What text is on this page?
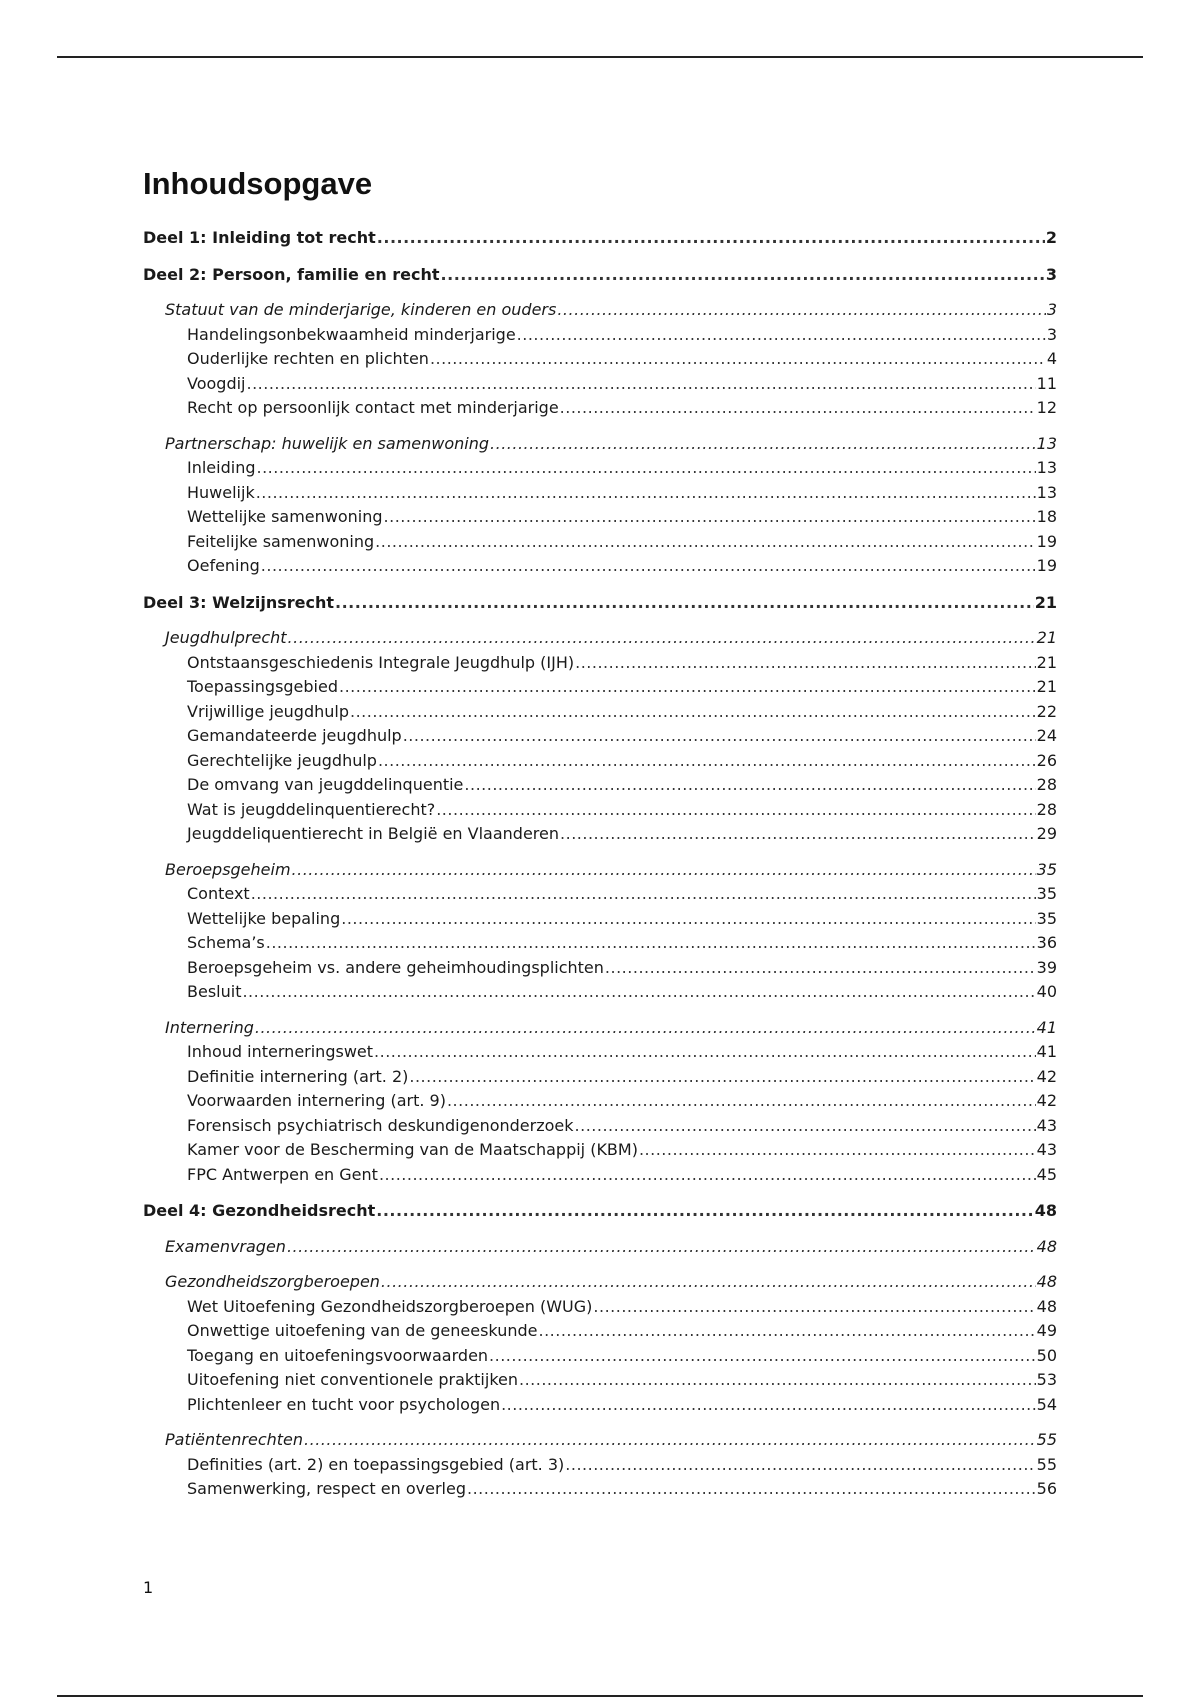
Inhoudsopgave
Deel 1: Inleiding tot recht .....	2
Deel 2: Persoon, familie en recht .....	3
Statuut van de minderjarige, kinderen en ouders .....	3
Handelingsonbekwaamheid minderjarige .....	3
Ouderlijke rechten en plichten .....	4
Voogdij .....	11
Recht op persoonlijk contact met minderjarige .....	12
Partnerschap: huwelijk en samenwoning .....	13
Inleiding .....	13
Huwelijk .....	13
Wettelijke samenwoning .....	18
Feitelijke samenwoning .....	19
Oefening .....	19
Deel 3: Welzijnsrecht .....	21
Jeugdhulprecht .....	21
Ontstaansgeschiedenis Integrale Jeugdhulp (IJH) .....	21
Toepassingsgebied .....	21
Vrijwillige jeugdhulp .....	22
Gemandateerde jeugdhulp .....	24
Gerechtelijke jeugdhulp .....	26
De omvang van jeugddelinquentie .....	28
Wat is jeugddelinquentierecht? .....	28
Jeugddeliquentierecht in België en Vlaanderen .....	29
Beroepsgeheim .....	35
Context .....	35
Wettelijke bepaling .....	35
Schema’s .....	36
Beroepsgeheim vs. andere geheimhoudingsplichten .....	39
Besluit .....	40
Internering .....	41
Inhoud interneringswet .....	41
Definitie internering (art. 2) .....	42
Voorwaarden internering (art. 9) .....	42
Forensisch psychiatrisch deskundigenonderzoek .....	43
Kamer voor de Bescherming van de Maatschappij (KBM) .....	43
FPC Antwerpen en Gent .....	45
Deel 4: Gezondheidsrecht .....	48
Examenvragen .....	48
Gezondheidszorgberoepen .....	48
Wet Uitoefening Gezondheidszorgberoepen (WUG) .....	48
Onwettige uitoefening van de geneeskunde .....	49
Toegang en uitoefeningsvoorwaarden .....	50
Uitoefening niet conventionele praktijken .....	53
Plichtenleer en tucht voor psychologen .....	54
Patiëntenrechten .....	55
Definities (art. 2) en toepassingsgebied (art. 3) .....	55
Samenwerking, respect en overleg .....	56
1
